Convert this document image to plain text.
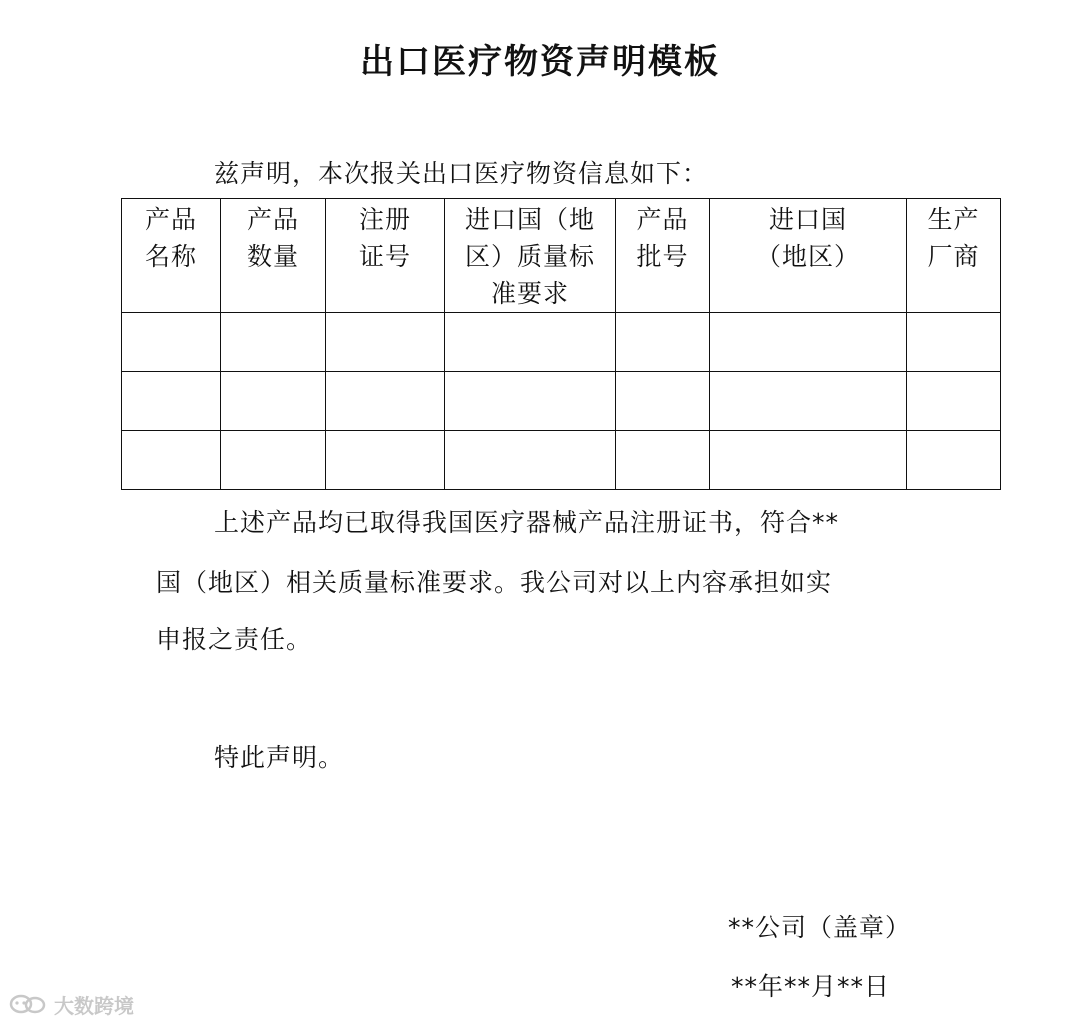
出口医疗物资声明模板
兹声明，本次报关出口医疗物资信息如下：
产品名称	产品数量	注册证号	进口国（地区）质量标准要求	产品批号	进口国（地区）	生产厂商

上述产品均已取得我国医疗器械产品注册证书，符合**
国（地区）相关质量标准要求。我公司对以上内容承担如实
申报之责任。
特此声明。
**公司（盖章）
**年**月**日
大数跨境
